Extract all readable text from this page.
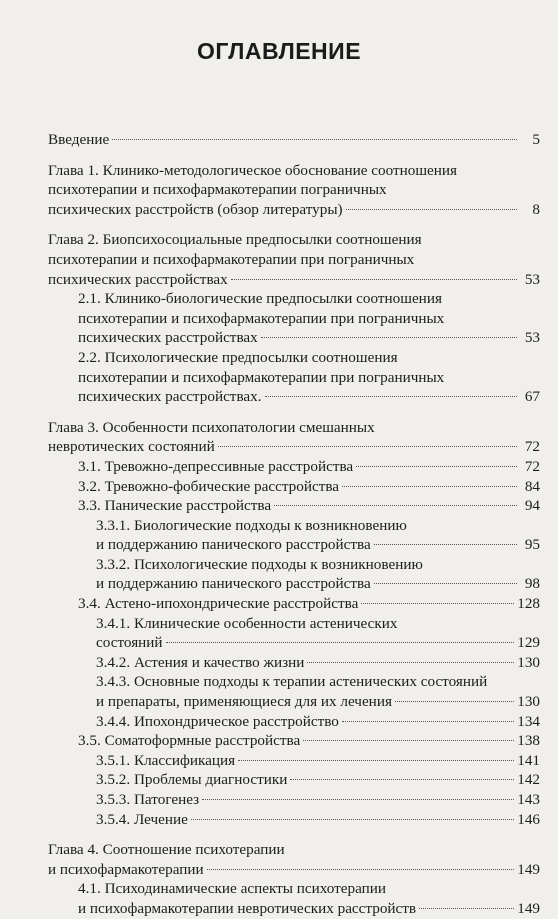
ОГЛАВЛЕНИЕ
Введение	5
Глава 1. Клинико-методологическое обоснование соотношения
психотерапии и психофармакотерапии пограничных
психических расстройств (обзор литературы)	8
Глава 2. Биопсихосоциальные предпосылки соотношения
психотерапии и психофармакотерапии при пограничных
психических расстройствах	53
2.1. Клинико-биологические предпосылки соотношения
психотерапии и психофармакотерапии при пограничных
психических расстройствах	53
2.2. Психологические предпосылки соотношения
психотерапии и психофармакотерапии при пограничных
психических расстройствах.	67
Глава 3. Особенности психопатологии смешанных
невротических состояний	72
3.1. Тревожно-депрессивные расстройства	72
3.2. Тревожно-фобические расстройства	84
3.3. Панические расстройства	94
3.3.1. Биологические подходы к возникновению
и поддержанию панического расстройства	95
3.3.2. Психологические подходы к возникновению
и поддержанию панического расстройства	98
3.4. Астено-ипохондрические расстройства	128
3.4.1. Клинические особенности астенических
состояний	129
3.4.2. Астения и качество жизни	130
3.4.3. Основные подходы к терапии астенических состояний
и препараты, применяющиеся для их лечения	130
3.4.4. Ипохондрическое расстройство	134
3.5. Соматоформные расстройства	138
3.5.1. Классификация	141
3.5.2. Проблемы диагностики	142
3.5.3. Патогенез	143
3.5.4. Лечение	146
Глава 4. Соотношение психотерапии
и психофармакотерапии	149
4.1. Психодинамические аспекты психотерапии
и психофармакотерапии невротических расстройств	149
